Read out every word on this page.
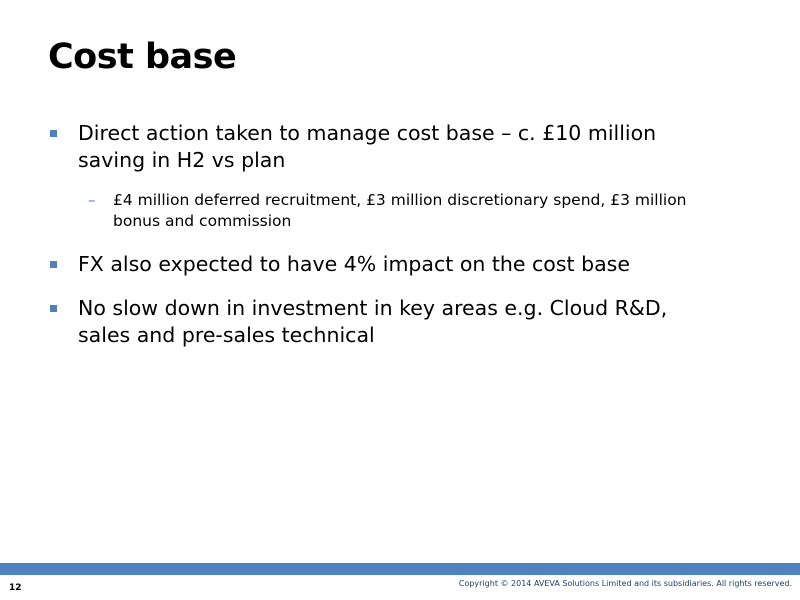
Cost base
Direct action taken to manage cost base – c. £10 million saving in H2 vs plan
– £4 million deferred recruitment, £3 million discretionary spend, £3 million bonus and commission
FX also expected to have 4% impact on the cost base
No slow down in investment in key areas e.g. Cloud R&D, sales and pre-sales technical
12	Copyright © 2014 AVEVA Solutions Limited and its subsidiaries. All rights reserved.
